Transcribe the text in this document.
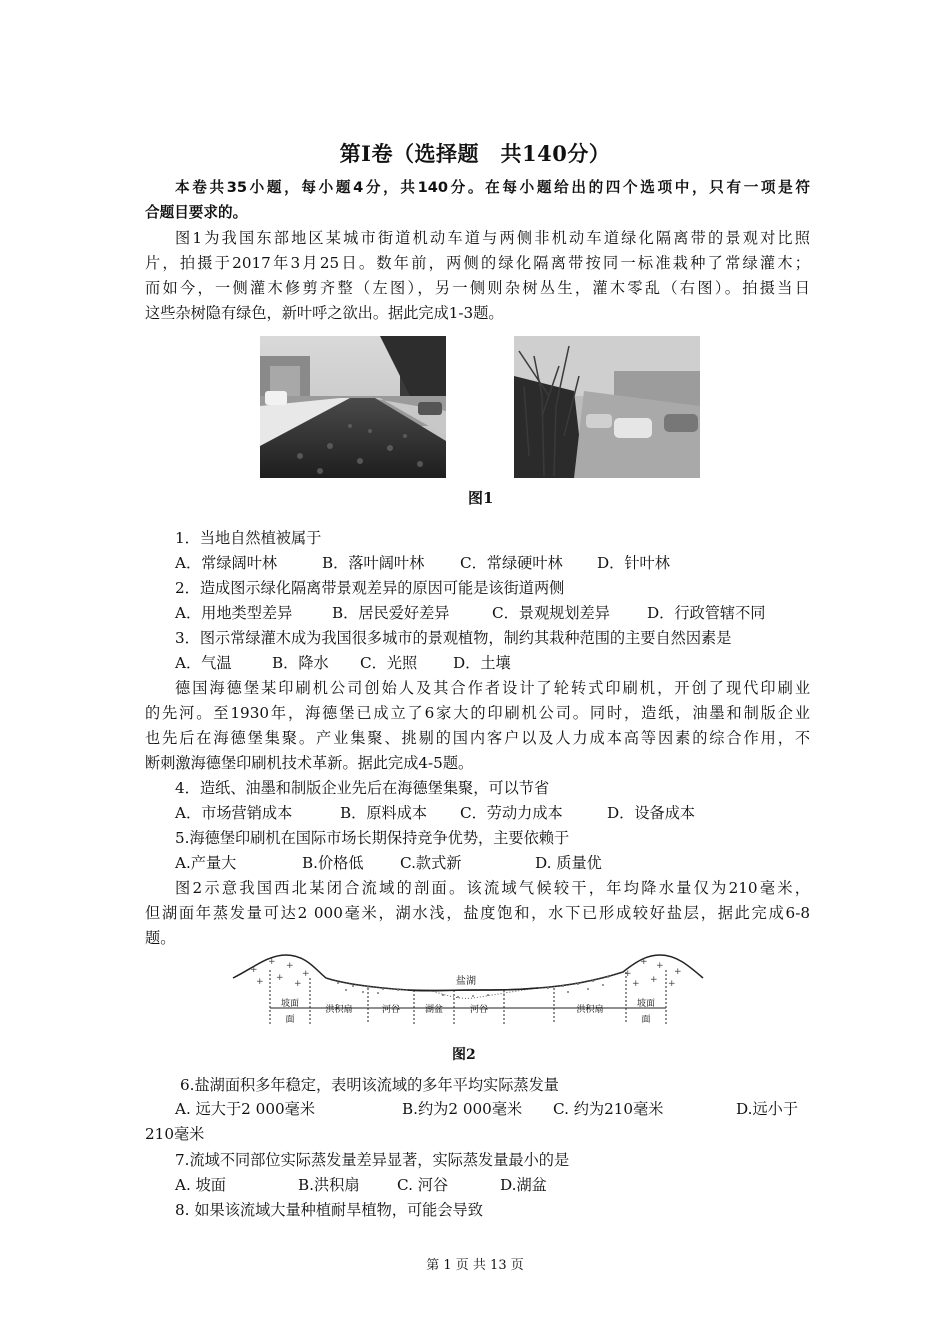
第Ⅰ卷（选择题　共140分）
本卷共35小题，每小题4分，共140分。在每小题给出的四个选项中，只有一项是符
合题目要求的。
图1为我国东部地区某城市街道机动车道与两侧非机动车道绿化隔离带的景观对比照
片，拍摄于2017年3月25日。数年前，两侧的绿化隔离带按同一标准栽种了常绿灌木；
而如今，一侧灌木修剪齐整（左图），另一侧则杂树丛生，灌木零乱（右图）。拍摄当日
这些杂树隐有绿色，新叶呼之欲出。据此完成1-3题。
图1
1．当地自然植被属于
A．常绿阔叶林	B．落叶阔叶林 C．常绿硬叶林 D．针叶林
2．造成图示绿化隔离带景观差异的原因可能是该街道两侧
A．用地类型差异	B．居民爱好差异	C．景观规划差异 D．行政管辖不同
3．图示常绿灌木成为我国很多城市的景观植物，制约其栽种范围的主要自然因素是
A．气温	B．降水 C．光照 D．土壤
德国海德堡某印刷机公司创始人及其合作者设计了轮转式印刷机，开创了现代印刷业
的先河。至1930年，海德堡已成立了6家大的印刷机公司。同时，造纸，油墨和制版企业
也先后在海德堡集聚。产业集聚、挑剔的国内客户以及人力成本高等因素的综合作用，不
断刺激海德堡印刷机技术革新。据此完成4-5题。
4．造纸、油墨和制版企业先后在海德堡集聚，可以节省
A．市场营销成本	B．原料成本 C．劳动力成本	D．设备成本
5.海德堡印刷机在国际市场长期保持竞争优势，主要依赖于
A.产量大	B.价格低 C.款式新	D. 质量优
图2示意我国西北某闭合流域的剖面。该流域气候较干，年均降水量仅为210毫米，
但湖面年蒸发量可达2 000毫米，湖水浅，盐度饱和，水下已形成较好盐层，据此完成6-8
题。
+
+ +
+
+ +
+
+
+ +
+
+ + +
盐湖
坡面
洪积扇	河谷	湖盆	河谷	洪积扇
坡面
面	面
图2
6.盐湖面积多年稳定，表明该流域的多年平均实际蒸发量
A. 远大于2 000毫米	B.约为2 000毫米 C. 约为210毫米	D.远小于
210毫米
7.流域不同部位实际蒸发量差异显著，实际蒸发量最小的是
A. 坡面	B.洪积扇 C. 河谷	D.湖盆
8. 如果该流域大量种植耐旱植物，可能会导致
第 1 页 共 13 页
